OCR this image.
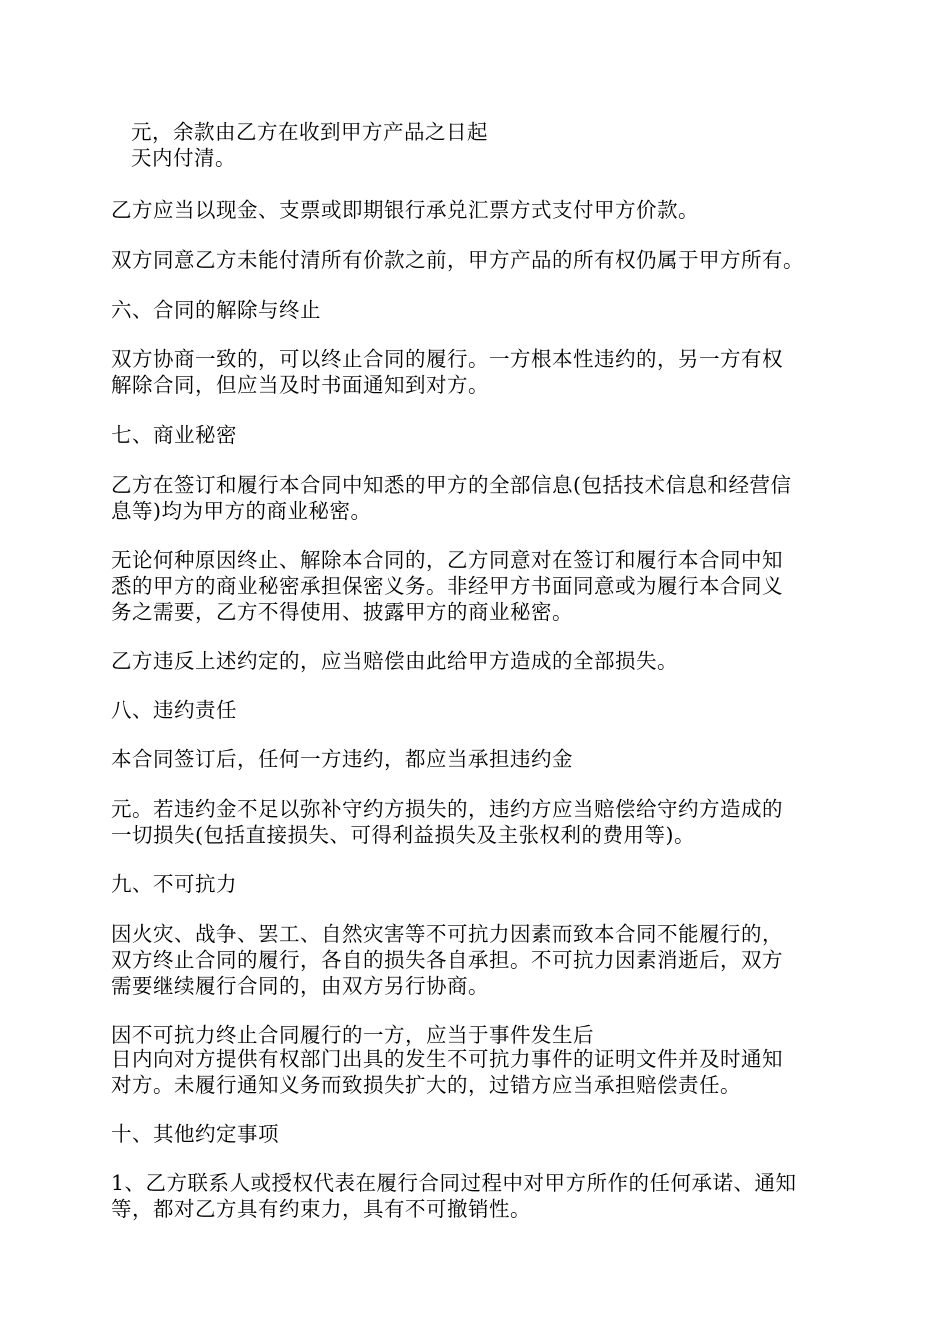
元，余款由乙方在收到甲方产品之日起
天内付清。
乙方应当以现金、支票或即期银行承兑汇票方式支付甲方价款。
双方同意乙方未能付清所有价款之前，甲方产品的所有权仍属于甲方所有。
六、合同的解除与终止
双方协商一致的，可以终止合同的履行。一方根本性违约的，另一方有权
解除合同，但应当及时书面通知到对方。
七、商业秘密
乙方在签订和履行本合同中知悉的甲方的全部信息(包括技术信息和经营信
息等)均为甲方的商业秘密。
无论何种原因终止、解除本合同的，乙方同意对在签订和履行本合同中知
悉的甲方的商业秘密承担保密义务。非经甲方书面同意或为履行本合同义
务之需要，乙方不得使用、披露甲方的商业秘密。
乙方违反上述约定的，应当赔偿由此给甲方造成的全部损失。
八、违约责任
本合同签订后，任何一方违约，都应当承担违约金
元。若违约金不足以弥补守约方损失的，违约方应当赔偿给守约方造成的
一切损失(包括直接损失、可得利益损失及主张权利的费用等)。
九、不可抗力
因火灾、战争、罢工、自然灾害等不可抗力因素而致本合同不能履行的，
双方终止合同的履行，各自的损失各自承担。不可抗力因素消逝后，双方
需要继续履行合同的，由双方另行协商。
因不可抗力终止合同履行的一方，应当于事件发生后
日内向对方提供有权部门出具的发生不可抗力事件的证明文件并及时通知
对方。未履行通知义务而致损失扩大的，过错方应当承担赔偿责任。
十、其他约定事项
1、乙方联系人或授权代表在履行合同过程中对甲方所作的任何承诺、通知
等，都对乙方具有约束力，具有不可撤销性。
